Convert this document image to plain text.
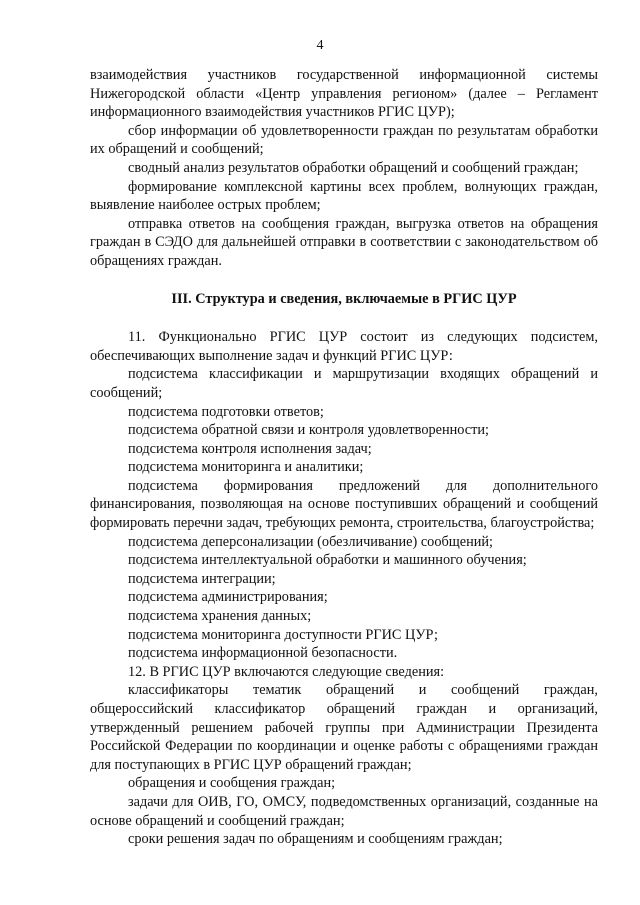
4

взаимодействия участников государственной информационной системы Нижегородской области «Центр управления регионом» (далее – Регламент информационного взаимодействия участников РГИС ЦУР);

сбор информации об удовлетворенности граждан по результатам обработки их обращений и сообщений;

сводный анализ результатов обработки обращений и сообщений граждан;

формирование комплексной картины всех проблем, волнующих граждан, выявление наиболее острых проблем;

отправка ответов на сообщения граждан, выгрузка ответов на обращения граждан в СЭДО для дальнейшей отправки в соответствии с законодательством об обращениях граждан.

III. Структура и сведения, включаемые в РГИС ЦУР

11. Функционально РГИС ЦУР состоит из следующих подсистем, обеспечивающих выполнение задач и функций РГИС ЦУР:

подсистема классификации и маршрутизации входящих обращений и сообщений;

подсистема подготовки ответов;

подсистема обратной связи и контроля удовлетворенности;

подсистема контроля исполнения задач;

подсистема мониторинга и аналитики;

подсистема формирования предложений для дополнительного финансирования, позволяющая на основе поступивших обращений и сообщений формировать перечни задач, требующих ремонта, строительства, благоустройства;

подсистема деперсонализации (обезличивание) сообщений;

подсистема интеллектуальной обработки и машинного обучения;

подсистема интеграции;

подсистема администрирования;

подсистема хранения данных;

подсистема мониторинга доступности РГИС ЦУР;

подсистема информационной безопасности.

12. В РГИС ЦУР включаются следующие сведения:

классификаторы тематик обращений и сообщений граждан, общероссийский классификатор обращений граждан и организаций, утвержденный решением рабочей группы при Администрации Президента Российской Федерации по координации и оценке работы с обращениями граждан для поступающих в РГИС ЦУР обращений граждан;

обращения и сообщения граждан;

задачи для ОИВ, ГО, ОМСУ, подведомственных организаций, созданные на основе обращений и сообщений граждан;

сроки решения задач по обращениям и сообщениям граждан;
